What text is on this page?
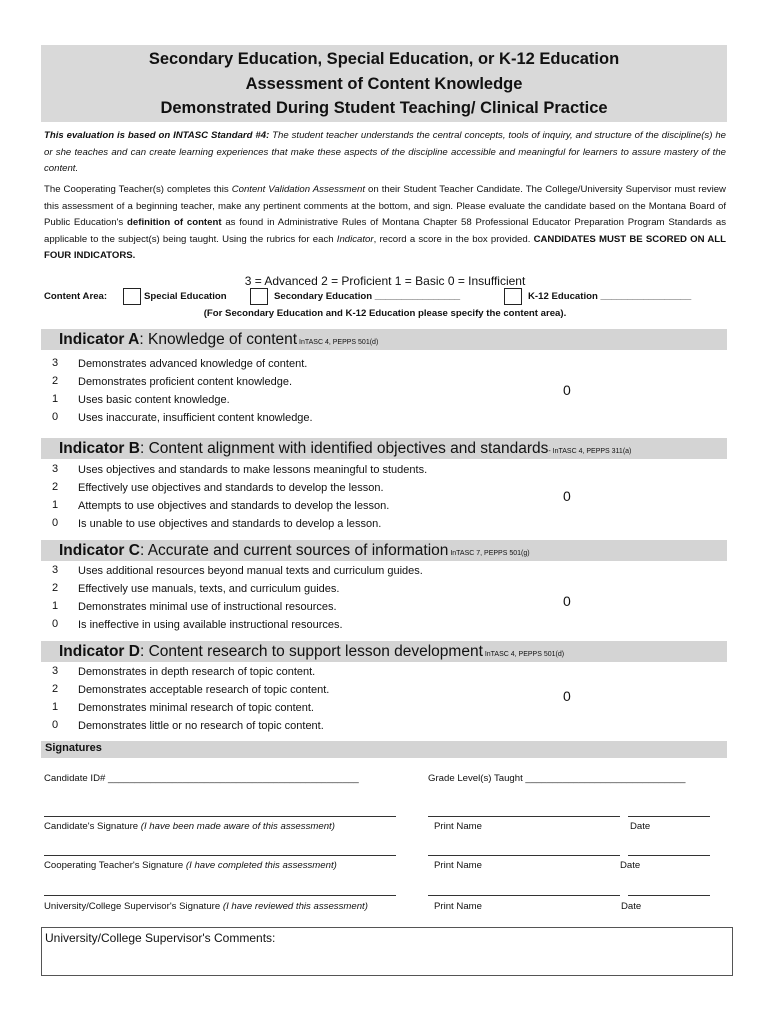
Secondary Education, Special Education, or K-12 Education
Assessment of Content Knowledge
Demonstrated During Student Teaching/ Clinical Practice
This evaluation is based on INTASC Standard #4: The student teacher understands the central concepts, tools of inquiry, and structure of the discipline(s) he or she teaches and can create learning experiences that make these aspects of the discipline accessible and meaningful for learners to assure mastery of the content.
The Cooperating Teacher(s) completes this Content Validation Assessment on their Student Teacher Candidate. The College/University Supervisor must review this assessment of a beginning teacher, make any pertinent comments at the bottom, and sign. Please evaluate the candidate based on the Montana Board of Public Education's definition of content as found in Administrative Rules of Montana Chapter 58 Professional Educator Preparation Program Standards as applicable to the subject(s) being taught. Using the rubrics for each Indicator, record a score in the box provided. CANDIDATES MUST BE SCORED ON ALL FOUR INDICATORS.
3 = Advanced 2 = Proficient 1 = Basic 0 = Insufficient
Content Area:	Special Education	Secondary Education ________________	K-12 Education _________________
(For Secondary Education and K-12 Education please specify the content area).
Indicator A: Knowledge of content InTASC 4, PEPPS 501(d)
3 Demonstrates advanced knowledge of content.
2 Demonstrates proficient content knowledge.
1 Uses basic content knowledge.
0 Uses inaccurate, insufficient content knowledge.
0
Indicator B: Content alignment with identified objectives and standards- InTASC 4, PEPPS 311(a)
3 Uses objectives and standards to make lessons meaningful to students.
2 Effectively use objectives and standards to develop the lesson.
1 Attempts to use objectives and standards to develop the lesson.
0 Is unable to use objectives and standards to develop a lesson.
0
Indicator C: Accurate and current sources of information InTASC 7, PEPPS 501(g)
3 Uses additional resources beyond manual texts and curriculum guides.
2 Effectively use manuals, texts, and curriculum guides.
1 Demonstrates minimal use of instructional resources.
0 Is ineffective in using available instructional resources.
0
Indicator D: Content research to support lesson development InTASC 4, PEPPS 501(d)
3 Demonstrates in depth research of topic content.
2 Demonstrates acceptable research of topic content.
1 Demonstrates minimal research of topic content.
0 Demonstrates little or no research of topic content.
0
Signatures
Candidate ID# _______________________________________________	Grade Level(s) Taught ______________________________
Candidate's Signature (I have been made aware of this assessment)	Print Name	Date
Cooperating Teacher's Signature (I have completed this assessment)	Print Name	Date
University/College Supervisor's Signature (I have reviewed this assessment)	Print Name	Date
University/College Supervisor's Comments:
